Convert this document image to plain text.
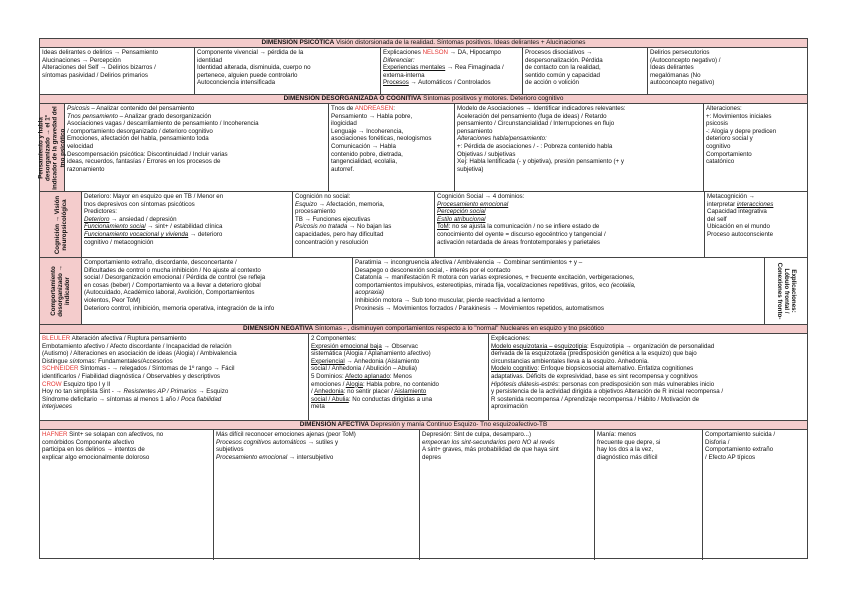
DIMENSIÓN PSICÓTICA Visión distorsionada de la realidad. Síntomas positivos. Ideas delirantes + Alucinaciones
Ideas delirantes o delirios → Pensamiento
Alucinaciones → Percepción
Alteraciones del Self → Delirios bizarros /
síntomas pasividad / Delirios primarios
Componente vivencial → pérdida de la
identidad
Identidad alterada, disminuida, cuerpo no
pertenece, alguien puede controlarlo
Autoconciencia intensificada
Explicaciones NELSON → DA, Hipocampo
Diferenciar:
Experiencias mentales → Rea Fimaginada /
externa-interna
Procesos → Automáticos / Controlados
Procesos disociativos →
despersonalización. Pérdida
de contacto con la realidad,
sentido común y capacidad
de acción o volición
Delirios persecutorios
(Autoconcepto negativo) /
Ideas delirantes
megalómanas (No
autoconcepto negativo)
DIMENSIÓN DESORGANIZADA O COGNITIVA Síntomas positivos y motores. Deterioro cognitivo
Pensamiento y habla desorganizado → el 1º indicador de la gravedad del tno psicótico
Psicosis – Analizar contenido del pensamiento
Tnos pensamiento – Analizar grado desorganización
Asociaciones vagas / descarrilamiento de pensamiento / Incoherencia
/ comportamiento desorganizado / deterioro cognitivo
Emociones, afectación del habla, pensamiento toda
velocidad
Descompensación psicótica: Discontinuidad / Incluir varias
ideas, recuerdos, fantasías / Errores en los procesos de
razonamiento
Tnos de ANDREASEN:
Pensamiento → Habla pobre,
ilogicidad
Lenguaje → Incoherencia,
asociaciones fonéticas, neologismos
Comunicación → Habla
contenido pobre, dietrada,
tangencialidad, ecolalia,
autorref.
Modelo de Asociaciones → Identificar indicadores relevantes:
Aceleración del pensamiento (fuga de ideas) / Retardo
pensamiento / Circunstancialidad / Interrupciones en flujo
pensamiento
Alteraciones habla/pensamiento:
+: Pérdida de asociaciones / - : Pobreza contenido habla
Objetivas / subjetivas
Xej: Habla lentificada (- y objetiva), presión pensamiento (+ y
subjetiva)
Alteraciones:
+: Movimientos iniciales
psicosis
-: Alogia y depre predicen
deterioro social y
cognitivo
Comportamiento
catatónico
Cognición → Visión neuropsicológica
Deterioro: Mayor en esquizo que en TB / Menor en
tnos depresivos con síntomas psicóticos
Predictores:
Deterioro → ansiedad / depresión
Funcionamiento social → sint+ / estabilidad clínica
Funcionamiento vocacional y vivienda → deterioro
cognitivo / metacognición
Cognición no social:
Esquizo → Afectación, memoria,
procesamiento
TB → Funciones ejecutivas
Psicosis no tratada → No bajan las
capacidades, pero hay dificultad
concentración y resolución
Cognición Social → 4 dominios:
Procesamiento emocional
Percepción social
Estilo atribucional
ToM: no se ajusta la comunicación / no se infiere estado de
conocimiento del oyente = discurso egocéntrico y tangencial /
activación retardada de áreas frontotemporales y parietales
Metacognición →
interpretar interacciones
Capacidad integrativa
del self
Ubicación en el mundo
Proceso autoconsciente
Comportamiento desorganizado → indicador
Comportamiento extraño, discordante, desconcertante /
Dificultades de control o mucha inhibición / No ajuste al contexto
social / Desorganización emocional / Pérdida de control (se refleja
en cosas (beber) / Comportamiento va a llevar a deterioro global
(Autocuidado, Académico laboral, Avolición, Comportamientos
violentos, Peor ToM)
Deterioro control, inhibición, memoria operativa, integración de la info
Paratimia → incongruencia afectiva / Ambivalencia → Combinar sentimientos + y –
Desapego o desconexión social, - interés por el contacto
Catatonía → manifestación R motora con varias expresiones, + frecuente excitación, verbigeraciones,
comportamientos impulsivos, estereotipias, mirada fija, vocalizaciones repetitivas, gritos, eco (ecolalia,
acopraxia)
Inhibición motora → Sub tono muscular, pierde reactividad a lentorno
Proxinesis → Movimientos forzados / Parakinesis → Movimientos repetidos, automatismos	Explicaciones: Lóbulo frontal / Conexiones fronto-
DIMENSIÓN NEGATIVA Síntomas - , disminuyen comportamientos respecto a lo "normal" Nucleares en esquizo y tno psicótico
BLEULER Alteración afectiva / Ruptura pensamiento
Embotamiento afectivo / Afecto discordante / Incapacidad de relación
(Autismo) / Alteraciones en asociación de ideas (Alogia) / Ambivalencia
Distingue síntomas: Fundamentales/Accesorios
SCHNEIDER Síntomas - → relegados / Síntomas de 1º rango → Fácil
identificarlos / Fiabilidad diagnóstica / Observables y descriptivos
CROW Esquizo tipo I y II
Hoy no tan simplista Sint - → Resistentes AP / Primarios → Esquizo
Síndrome deficitario → síntomas al menos 1 año / Poca fiabilidad
interjueces
2 Componentes:
Expresión emocional baja → Observac
sistemática (Alogia / Aplanamiento afectivo)
Experiencial → Anhedonia (Aislamiento
social / Anhedonia / Abulición – Abulia)
5 Dominios: Afecto aplanado: Menos
emociones / Alogia: Habla pobre, no contenido
/ Anhedonia: no sentir placer / Aislamiento
social / Abulia: No conductas dirigidas a una
meta
Explicaciones:
Modelo esquizotaxia – esquizotipia: Esquizotipia → organización de personalidad
derivada de la esquizotaxia (predisposición genética a la esquizo) que bajo
circunstancias ambientales lleva a la esquizo. Anhedonia.
Modelo cognitivo: Enfoque biopsicosocial alternativo. Enfatiza cognitiones
adaptativas. Déficits de expresividad, base es sint recompensa y cognitivos
Hipótesis diátesis-estrés: personas con predisposición son más vulnerables inicio
y persistencia de la actividad dirigida a objetivos Alteración de R inicial recompensa /
R sostenida recompensa / Aprendizaje recompensa / Hábito / Motivación de
aproximación
DIMENSIÓN AFECTIVA Depresión y manía Continuo Esquizo- Tno esquizoafectivo-TB
HAFNER Sint+ se solapan con afectivos, no
comórbidos Componente afectivo
participa en los delirios → intentos de
explicar algo emocionalmente doloroso
Más difícil reconocer emociones ajenas (peor ToM)
Procesos cognitivos automáticos → sutiles y
subjetivos
Procesamiento emocional → intersubjetivo
Depresión: Sint de culpa, desamparo...)
empeoran los sint-secundarios pero NO al revés
A sint+ graves, más probabilidad de que haya sint
depres
Manía: menos
frecuente que depre, si
hay los dos a la vez,
diagnóstico más difícil
Comportamiento suicida /
Disforia /
Comportamiento extraño
/ Efecto AP típicos
